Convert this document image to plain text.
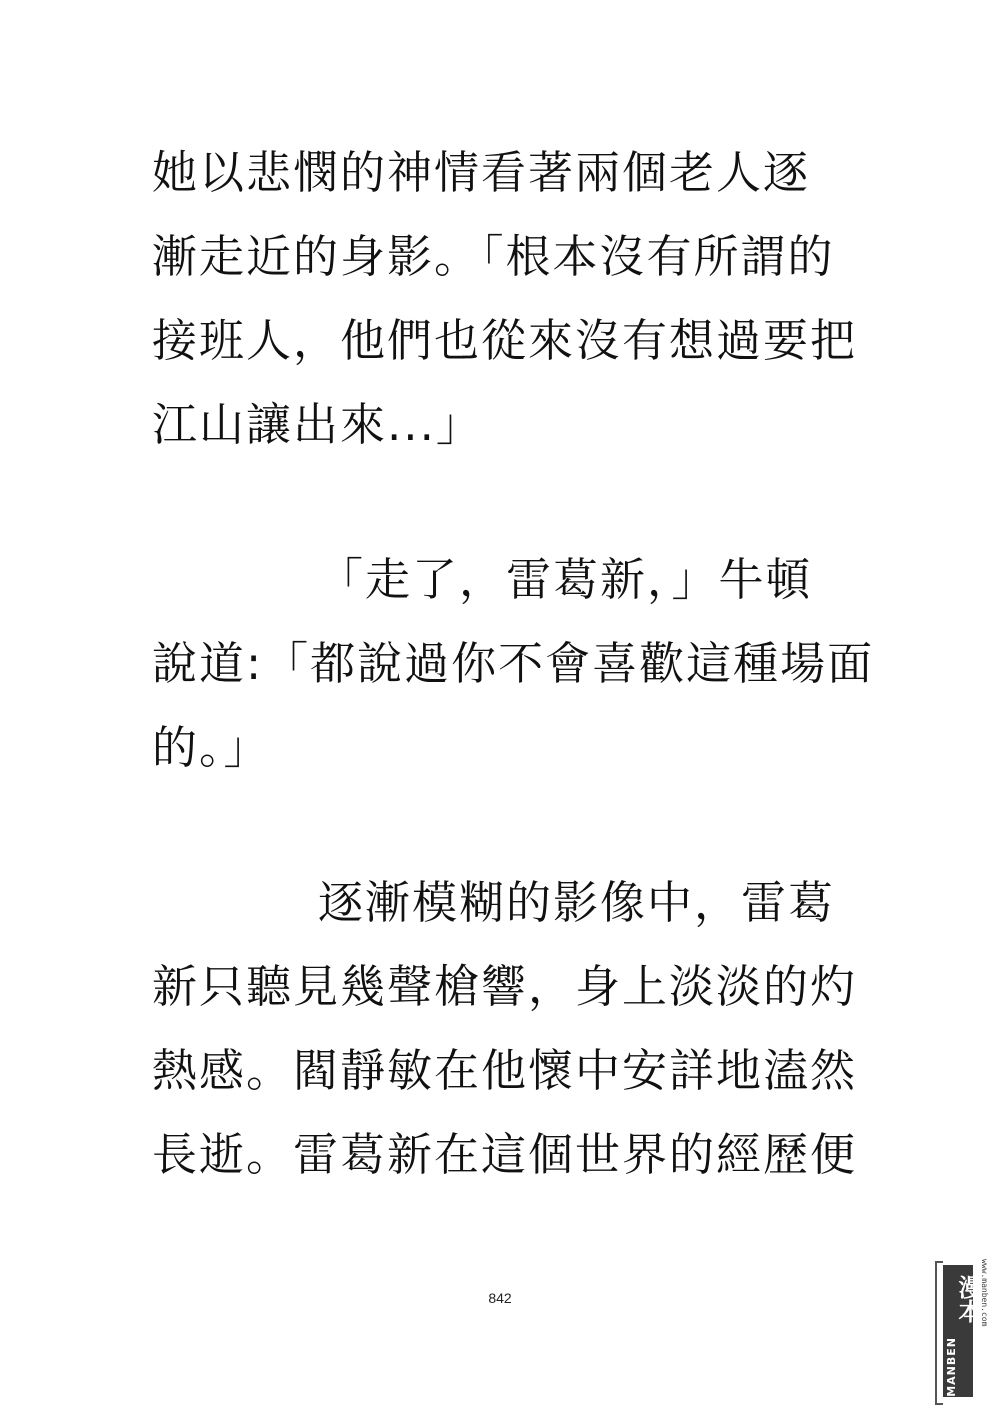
她以悲憫的神情看著兩個老人逐
漸走近的身影。「根本沒有所謂的
接班人，他們也從來沒有想過要把
江山讓出來...」
「走了，雷葛新，」牛頓
說道:「都說過你不會喜歡這種場面
的。」
逐漸模糊的影像中，雷葛
新只聽見幾聲槍響，身上淡淡的灼
熱感。閻靜敏在他懷中安詳地溘然
長逝。雷葛新在這個世界的經歷便
842	漫本
MANBEN
www.manben.com
